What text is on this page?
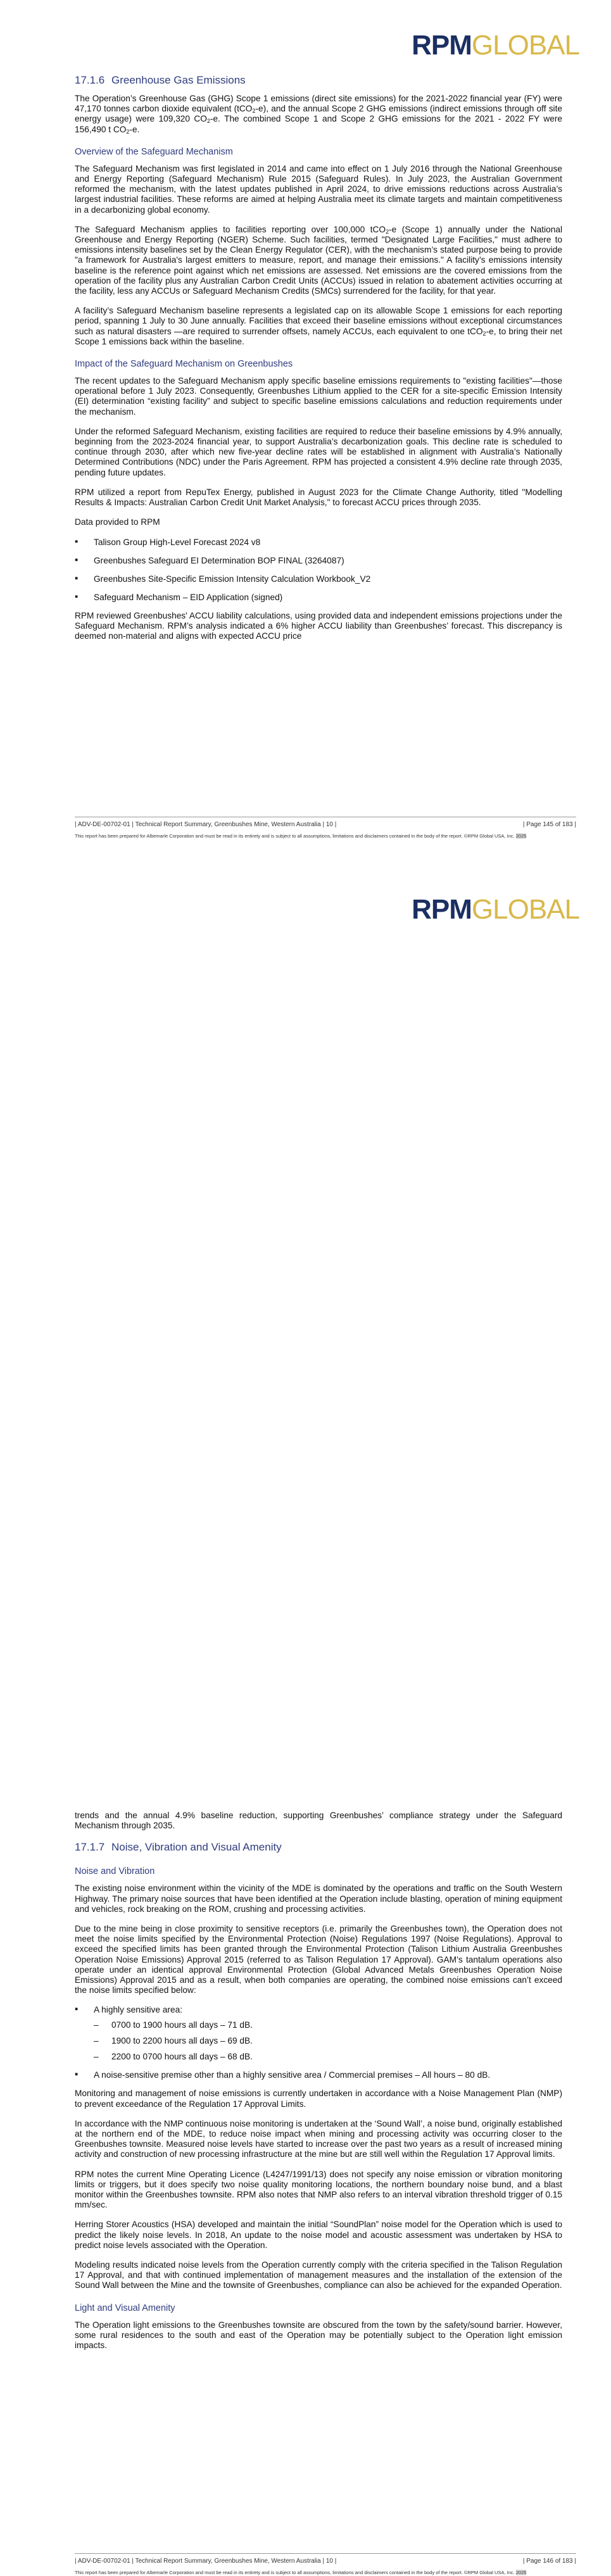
RPMGLOBAL
17.1.6 Greenhouse Gas Emissions

The Operation’s Greenhouse Gas (GHG) Scope 1 emissions (direct site emissions) for the 2021-2022 financial year (FY) were 47,170 tonnes carbon dioxide equivalent (tCO$_2$-e), and the annual Scope 2 GHG emissions (indirect emissions through off site energy usage) were 109,320 $CO_2-e$. The combined Scope 1 and Scope 2 GHG emissions for the 2021 - 2022 FY were 156,490 t $CO_2-e$.

Overview of the Safeguard Mechanism

The Safeguard Mechanism was first legislated in 2014 and came into effect on 1 July 2016 through the National Greenhouse and Energy Reporting (Safeguard Mechanism) Rule 2015 (Safeguard Rules). In July 2023, the Australian Government reformed the mechanism, with the latest updates published in April 2024, to drive emissions reductions across Australia’s largest industrial facilities. These reforms are aimed at helping Australia meet its climate targets and maintain competitiveness in a decarbonizing global economy.

The Safeguard Mechanism applies to facilities reporting over 100,000 tCO$_2$-e (Scope 1) annually under the National Greenhouse and Energy Reporting (NGER) Scheme. Such facilities, termed "Designated Large Facilities," must adhere to emissions intensity baselines set by the Clean Energy Regulator (CER), with the mechanism’s stated purpose being to provide "a framework for Australia's largest emitters to measure, report, and manage their emissions." A facility’s emissions intensity baseline is the reference point against which net emissions are assessed. Net emissions are the covered emissions from the operation of the facility plus any Australian Carbon Credit Units (ACCUs) issued in relation to abatement activities occurring at the facility, less any ACCUs or Safeguard Mechanism Credits (SMCs) surrendered for the facility, for that year.

A facility’s Safeguard Mechanism baseline represents a legislated cap on its allowable Scope 1 emissions for each reporting period, spanning 1 July to 30 June annually. Facilities that exceed their baseline emissions without exceptional circumstances such as natural disasters —are required to surrender offsets, namely ACCUs, each equivalent to one tCO$_2$-e, to bring their net Scope 1 emissions back within the baseline.

Impact of the Safeguard Mechanism on Greenbushes

The recent updates to the Safeguard Mechanism apply specific baseline emissions requirements to "existing facilities"—those operational before 1 July 2023. Consequently, Greenbushes Lithium applied to the CER for a site-specific Emission Intensity (EI) determination “existing facility” and subject to specific baseline emissions calculations and reduction requirements under the mechanism.

Under the reformed Safeguard Mechanism, existing facilities are required to reduce their baseline emissions by 4.9% annually, beginning from the 2023-2024 financial year, to support Australia’s decarbonization goals. This decline rate is scheduled to continue through 2030, after which new five-year decline rates will be established in alignment with Australia’s Nationally Determined Contributions (NDC) under the Paris Agreement. RPM has projected a consistent 4.9% decline rate through 2035, pending future updates.

RPM utilized a report from RepuTex Energy, published in August 2023 for the Climate Change Authority, titled "Modelling Results & Impacts: Australian Carbon Credit Unit Market Analysis," to forecast ACCU prices through 2035.

Data provided to RPM

▪ Talison Group High-Level Forecast 2024 v8
▪ Greenbushes Safeguard EI Determination BOP FINAL (3264087)
▪ Greenbushes Site-Specific Emission Intensity Calculation Workbook_V2
▪ Safeguard Mechanism – EID Application (signed)

RPM reviewed Greenbushes' ACCU liability calculations, using provided data and independent emissions projections under the Safeguard Mechanism. RPM’s analysis indicated a 6% higher ACCU liability than Greenbushes’ forecast. This discrepancy is deemed non-material and aligns with expected ACCU price

| ADV-DE-00702-01 | Technical Report Summary, Greenbushes Mine, Western Australia | 10 |	| Page 145 of 183 |
This report has been prepared for Albemarle Corporation and must be read in its entirety and is subject to all assumptions, limitations and disclaimers contained in the body of the report. ©RPM Global USA, Inc. 2025
RPMGLOBAL

trends and the annual 4.9% baseline reduction, supporting Greenbushes’ compliance strategy under the Safeguard Mechanism through 2035.

17.1.7 Noise, Vibration and Visual Amenity
Noise and Vibration

The existing noise environment within the vicinity of the MDE is dominated by the operations and traffic on the South Western Highway. The primary noise sources that have been identified at the Operation include blasting, operation of mining equipment and vehicles, rock breaking on the ROM, crushing and processing activities.

Due to the mine being in close proximity to sensitive receptors (i.e. primarily the Greenbushes town), the Operation does not meet the noise limits specified by the Environmental Protection (Noise) Regulations 1997 (Noise Regulations). Approval to exceed the specified limits has been granted through the Environmental Protection (Talison Lithium Australia Greenbushes Operation Noise Emissions) Approval 2015 (referred to as Talison Regulation 17 Approval). GAM’s tantalum operations also operate under an identical approval Environmental Protection (Global Advanced Metals Greenbushes Operation Noise Emissions) Approval 2015 and as a result, when both companies are operating, the combined noise emissions can’t exceed the noise limits specified below:

▪ A highly sensitive area:
– 0700 to 1900 hours all days – 71 dB.
– 1900 to 2200 hours all days – 69 dB.
– 2200 to 0700 hours all days – 68 dB.
▪ A noise-sensitive premise other than a highly sensitive area / Commercial premises – All hours – 80 dB.

Monitoring and management of noise emissions is currently undertaken in accordance with a Noise Management Plan (NMP) to prevent exceedance of the Regulation 17 Approval Limits.

In accordance with the NMP continuous noise monitoring is undertaken at the ‘Sound Wall’, a noise bund, originally established at the northern end of the MDE, to reduce noise impact when mining and processing activity was occurring closer to the Greenbushes townsite. Measured noise levels have started to increase over the past two years as a result of increased mining activity and construction of new processing infrastructure at the mine but are still well within the Regulation 17 Approval limits.

RPM notes the current Mine Operating Licence (L4247/1991/13) does not specify any noise emission or vibration monitoring limits or triggers, but it does specify two noise quality monitoring locations, the northern boundary noise bund, and a blast monitor within the Greenbushes townsite. RPM also notes that NMP also refers to an interval vibration threshold trigger of 0.15 mm/sec.

Herring Storer Acoustics (HSA) developed and maintain the initial “SoundPlan” noise model for the Operation which is used to predict the likely noise levels. In 2018, An update to the noise model and acoustic assessment was undertaken by HSA to predict noise levels associated with the Operation.

Modeling results indicated noise levels from the Operation currently comply with the criteria specified in the Talison Regulation 17 Approval, and that with continued implementation of management measures and the installation of the extension of the Sound Wall between the Mine and the townsite of Greenbushes, compliance can also be achieved for the expanded Operation.

Light and Visual Amenity

The Operation light emissions to the Greenbushes townsite are obscured from the town by the safety/sound barrier. However, some rural residences to the south and east of the Operation may be potentially subject to the Operation light emission impacts.

| ADV-DE-00702-01 | Technical Report Summary, Greenbushes Mine, Western Australia | 10 |	| Page 146 of 183 |
This report has been prepared for Albemarle Corporation and must be read in its entirety and is subject to all assumptions, limitations and disclaimers contained in the body of the report. ©RPM Global USA, Inc. 2025
